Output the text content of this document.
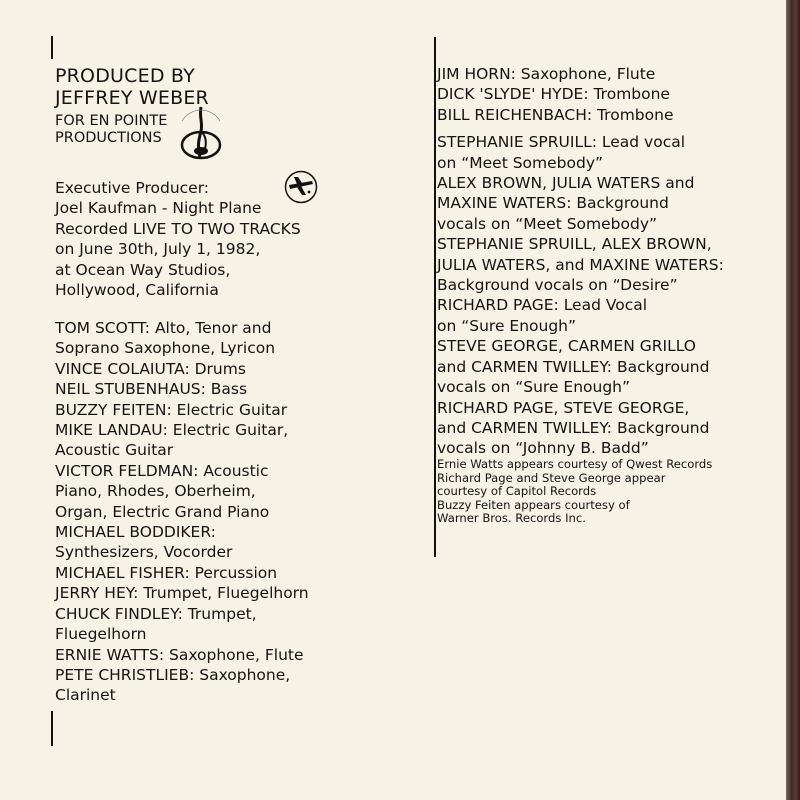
PRODUCED BY
JEFFREY WEBER
FOR EN POINTE
PRODUCTIONS
Executive Producer:
Joel Kaufman - Night Plane
Recorded LIVE TO TWO TRACKS
on June 30th, July 1, 1982,
at Ocean Way Studios,
Hollywood, California
TOM SCOTT: Alto, Tenor and
Soprano Saxophone, Lyricon
VINCE COLAIUTA: Drums
NEIL STUBENHAUS: Bass
BUZZY FEITEN: Electric Guitar
MIKE LANDAU: Electric Guitar,
Acoustic Guitar
VICTOR FELDMAN: Acoustic
Piano, Rhodes, Oberheim,
Organ, Electric Grand Piano
MICHAEL BODDIKER:
Synthesizers, Vocorder
MICHAEL FISHER: Percussion
JERRY HEY: Trumpet, Fluegelhorn
CHUCK FINDLEY: Trumpet,
Fluegelhorn
ERNIE WATTS: Saxophone, Flute
PETE CHRISTLIEB: Saxophone,
Clarinet
JIM HORN: Saxophone, Flute
DICK 'SLYDE' HYDE: Trombone
BILL REICHENBACH: Trombone
STEPHANIE SPRUILL: Lead vocal
on “Meet Somebody”
ALEX BROWN, JULIA WATERS and
MAXINE WATERS: Background
vocals on “Meet Somebody”
STEPHANIE SPRUILL, ALEX BROWN,
JULIA WATERS, and MAXINE WATERS:
Background vocals on “Desire”
RICHARD PAGE: Lead Vocal
on “Sure Enough”
STEVE GEORGE, CARMEN GRILLO
and CARMEN TWILLEY: Background
vocals on “Sure Enough”
RICHARD PAGE, STEVE GEORGE,
and CARMEN TWILLEY: Background
vocals on “Johnny B. Badd”
Ernie Watts appears courtesy of Qwest Records
Richard Page and Steve George appear
courtesy of Capitol Records
Buzzy Feiten appears courtesy of
Warner Bros. Records Inc.
